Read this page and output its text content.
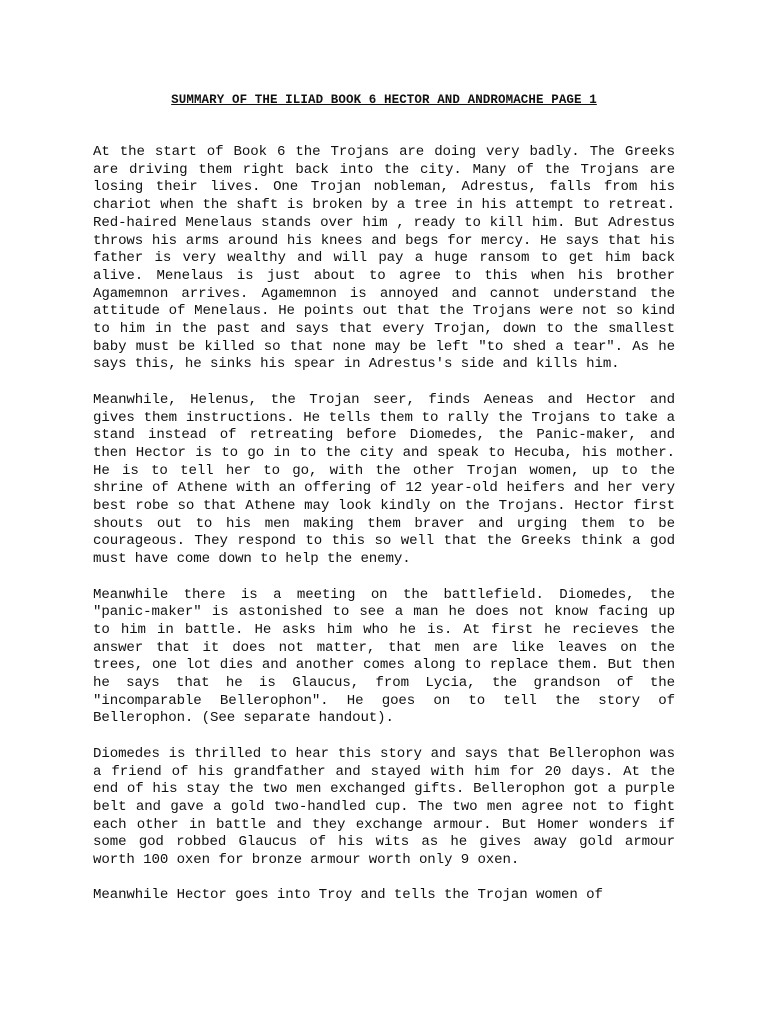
SUMMARY OF THE ILIAD BOOK 6 HECTOR AND ANDROMACHE PAGE 1

At the start of Book 6 the Trojans are doing very badly. The Greeks are driving them right back into the city. Many of the Trojans are losing their lives. One Trojan nobleman, Adrestus, falls from his chariot when the shaft is broken by a tree in his attempt to retreat. Red-haired Menelaus stands over him , ready to kill him. But Adrestus throws his arms around his knees and begs for mercy. He says that his father is very wealthy and will pay a huge ransom to get him back alive. Menelaus is just about to agree to this when his brother Agamemnon arrives. Agamemnon is annoyed and cannot understand the attitude of Menelaus. He points out that the Trojans were not so kind to him in the past and says that every Trojan, down to the smallest baby must be killed so that none may be left "to shed a tear". As he says this, he sinks his spear in Adrestus's side and kills him.

Meanwhile, Helenus, the Trojan seer, finds Aeneas and Hector and gives them instructions. He tells them to rally the Trojans to take a stand instead of retreating before Diomedes, the Panic-maker, and then Hector is to go in to the city and speak to Hecuba, his mother. He is to tell her to go, with the other Trojan women, up to the shrine of Athene with an offering of 12 year-old heifers and her very best robe so that Athene may look kindly on the Trojans. Hector first shouts out to his men making them braver and urging them to be courageous. They respond to this so well that the Greeks think a god must have come down to help the enemy.

Meanwhile there is a meeting on the battlefield. Diomedes, the "panic-maker" is astonished to see a man he does not know facing up to him in battle. He asks him who he is. At first he recieves the answer that it does not matter, that men are like leaves on the trees, one lot dies and another comes along to replace them. But then he says that he is Glaucus, from Lycia, the grandson of the "incomparable Bellerophon". He goes on to tell the story of Bellerophon. (See separate handout).

Diomedes is thrilled to hear this story and says that Bellerophon was a friend of his grandfather and stayed with him for 20 days. At the end of his stay the two men exchanged gifts. Bellerophon got a purple belt and gave a gold two-handled cup. The two men agree not to fight each other in battle and they exchange armour. But Homer wonders if some god robbed Glaucus of his wits as he gives away gold armour worth 100 oxen for bronze armour worth only 9 oxen.

Meanwhile Hector goes into Troy and tells the Trojan women of
